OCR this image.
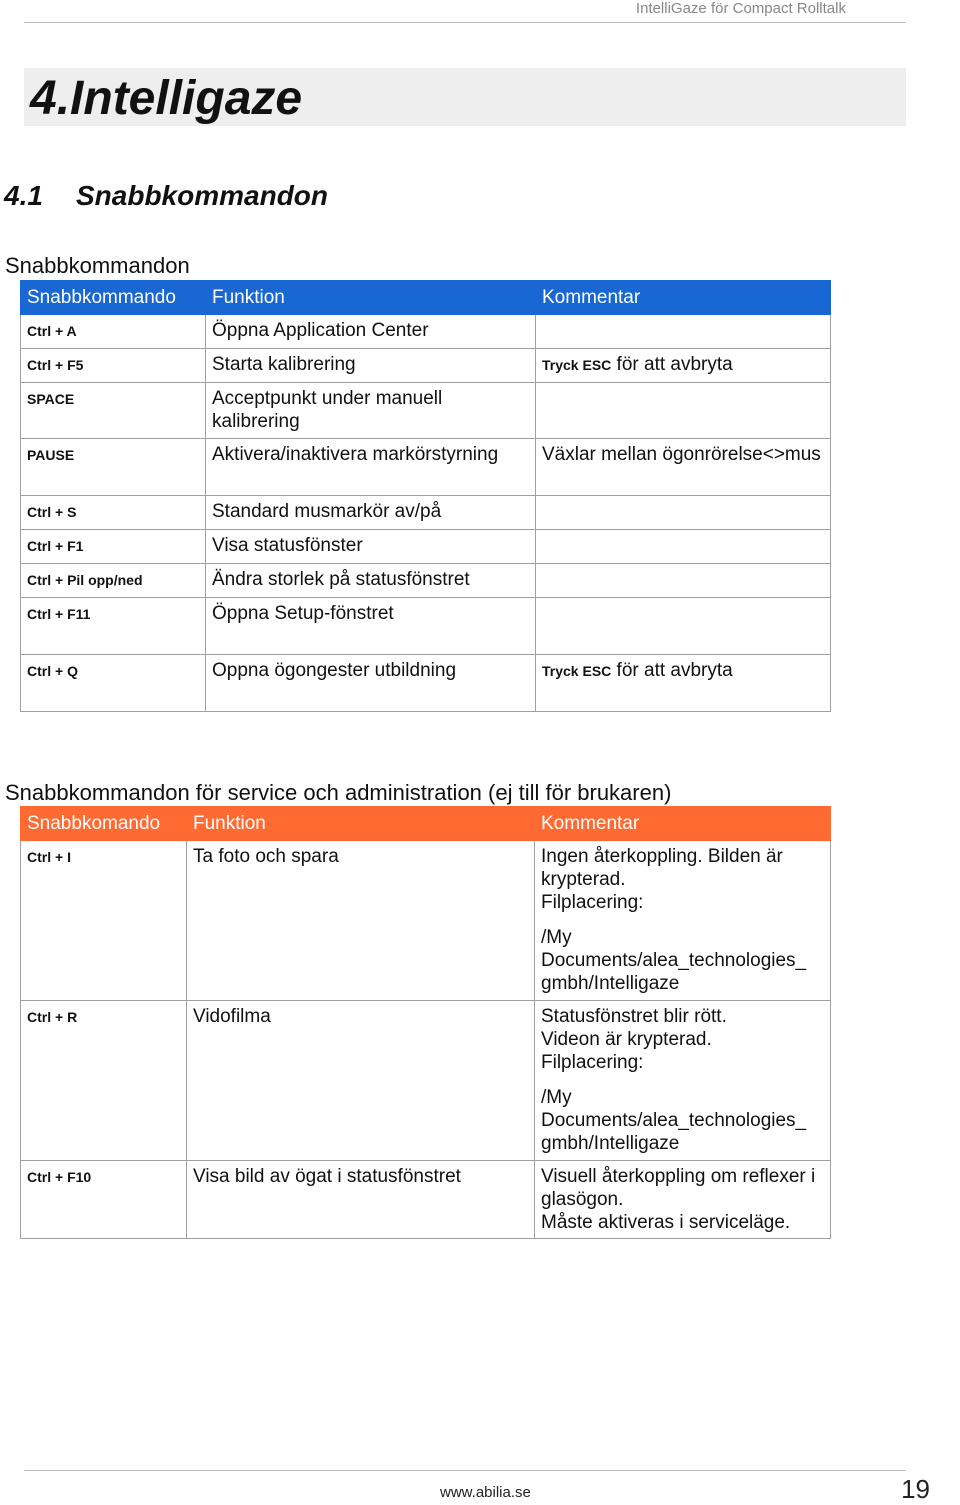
IntelliGaze för Compact Rolltalk
4.Intelligaze
4.1 Snabbkommandon

Snabbkommandon

Snabbkommando	Funktion	Kommentar
Ctrl + A	Öppna Application Center	
Ctrl + F5	Starta kalibrering	Tryck ESC för att avbryta
SPACE	Acceptpunkt under manuell kalibrering	
PAUSE	Aktivera/inaktivera markörstyrning	Växlar mellan ögonrörelse<>mus
Ctrl + S	Standard musmarkör av/på	
Ctrl + F1	Visa statusfönster	
Ctrl + Pil opp/ned	Ändra storlek på statusfönstret	
Ctrl + F11	Öppna Setup-fönstret	
Ctrl + Q	Oppna ögongester utbildning	Tryck ESC för att avbryta

Snabbkommandon för service och administration (ej till för brukaren)

Snabbkomando	Funktion	Kommentar
Ctrl + I	Ta foto och spara	Ingen återkoppling. Bilden är krypterad.
Filplacering:
/My Documents/alea_technologies_ gmbh/Intelligaze

Ctrl + R	Vidofilma	Statusfönstret blir rött.
Videon är krypterad.
Filplacering:
/My Documents/alea_technologies_ gmbh/Intelligaze

Ctrl + F10	Visa bild av ögat i statusfönstret	Visuell återkoppling om reflexer i glasögon.
Måste aktiveras i serviceläge.
www.abilia.se	19
